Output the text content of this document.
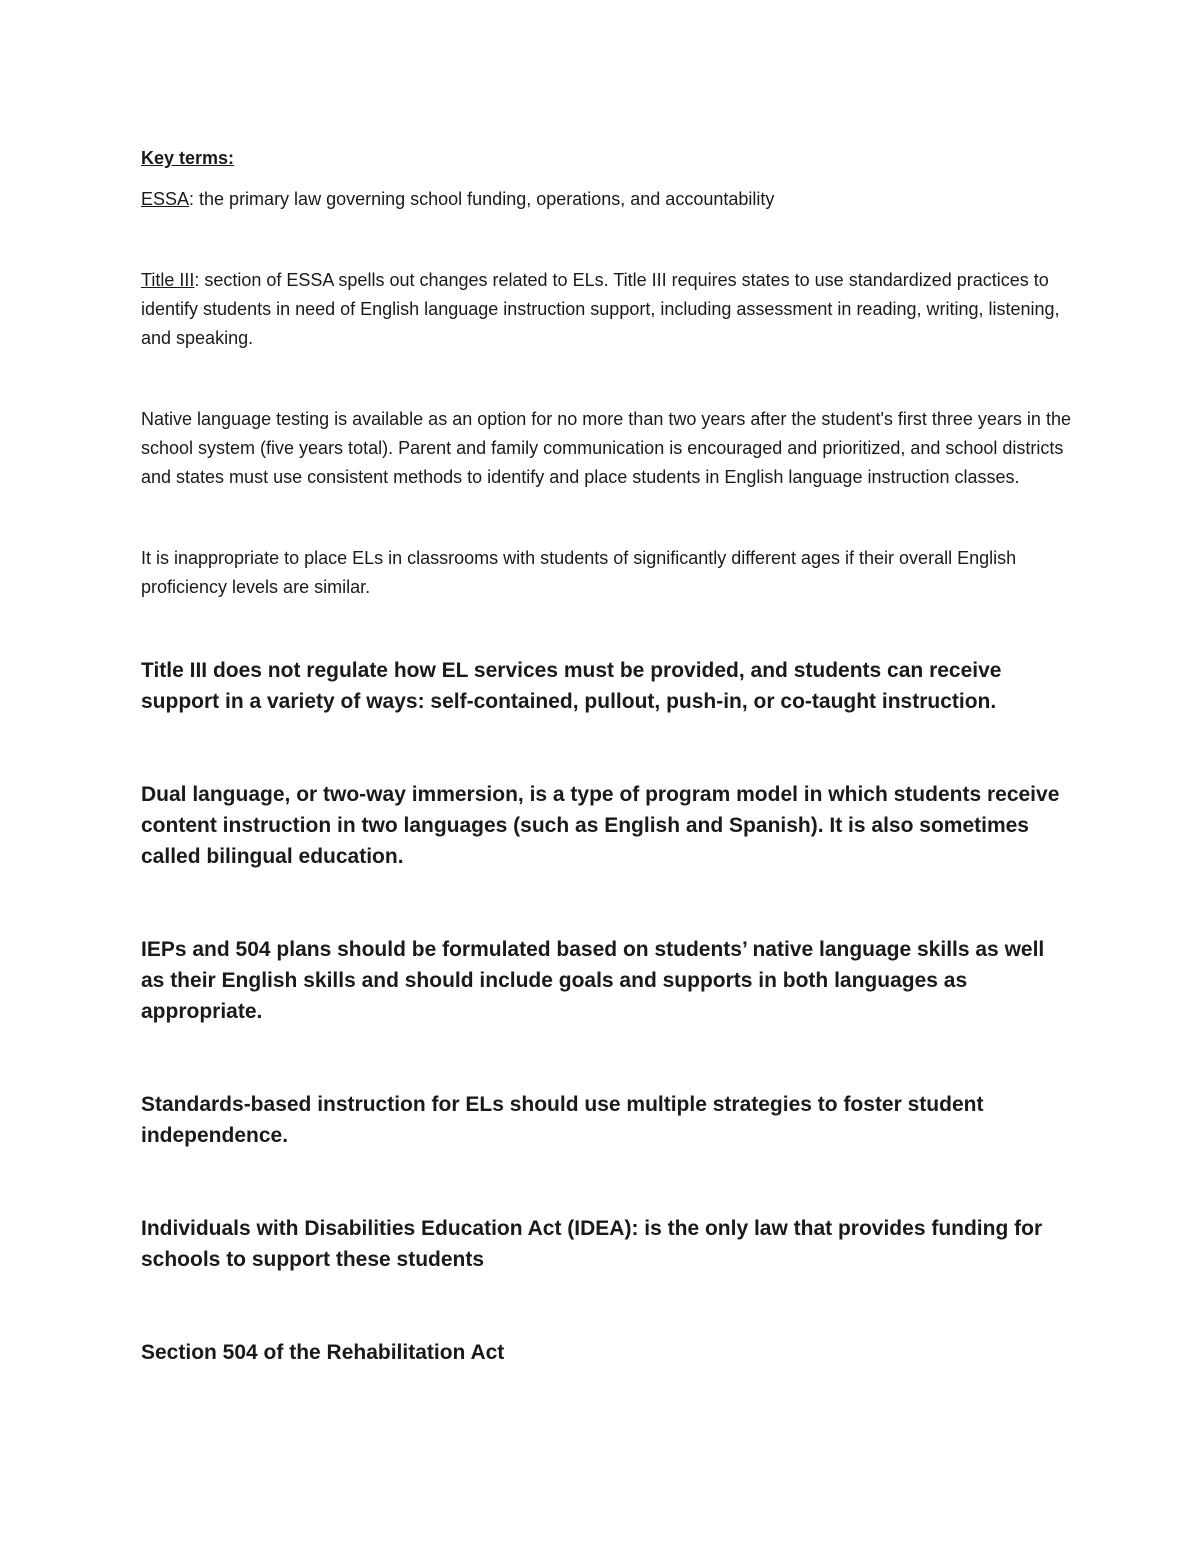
Key terms:

ESSA: the primary law governing school funding, operations, and accountability

Title III: section of ESSA spells out changes related to ELs. Title III requires states to use standardized practices to identify students in need of English language instruction support, including assessment in reading, writing, listening, and speaking.

Native language testing is available as an option for no more than two years after the student's first three years in the school system (five years total). Parent and family communication is encouraged and prioritized, and school districts and states must use consistent methods to identify and place students in English language instruction classes.

It is inappropriate to place ELs in classrooms with students of significantly different ages if their overall English proficiency levels are similar.

Title III does not regulate how EL services must be provided, and students can receive support in a variety of ways: self-contained, pullout, push-in, or co-taught instruction.

Dual language, or two-way immersion, is a type of program model in which students receive content instruction in two languages (such as English and Spanish). It is also sometimes called bilingual education.

IEPs and 504 plans should be formulated based on students’ native language skills as well as their English skills and should include goals and supports in both languages as appropriate.

Standards-based instruction for ELs should use multiple strategies to foster student independence.

Individuals with Disabilities Education Act (IDEA): is the only law that provides funding for schools to support these students

Section 504 of the Rehabilitation Act
